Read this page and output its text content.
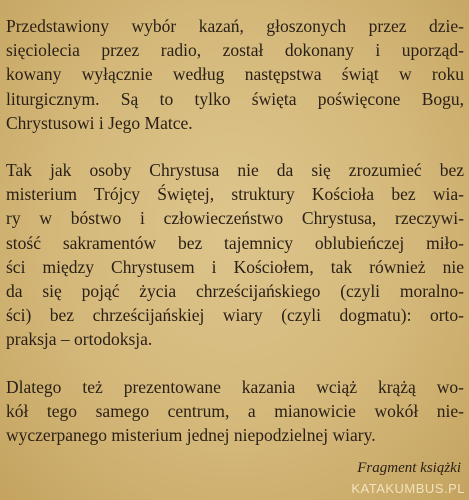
Przedstawiony wybór kazań, głoszonych przez dzie-
sięciolecia przez radio, został dokonany i uporząd-
kowany wyłącznie według następstwa świąt w roku
liturgicznym. Są to tylko święta poświęcone Bogu,
Chrystusowi i Jego Matce.

Tak jak osoby Chrystusa nie da się zrozumieć bez
misterium Trójcy Świętej, struktury Kościoła bez wia-
ry w bóstwo i człowieczeństwo Chrystusa, rzeczywi-
stość sakramentów bez tajemnicy oblubieńczej miło-
ści między Chrystusem i Kościołem, tak również nie
da się pojąć życia chrześcijańskiego (czyli moralno-
ści) bez chrześcijańskiej wiary (czyli dogmatu): orto-
praksja – ortodoksja.

Dlatego też prezentowane kazania wciąż krążą wo-
kół tego samego centrum, a mianowicie wokół nie-
wyczerpanego misterium jednej niepodzielnej wiary.

Fragment książki
KATAKUMBUS.PL
